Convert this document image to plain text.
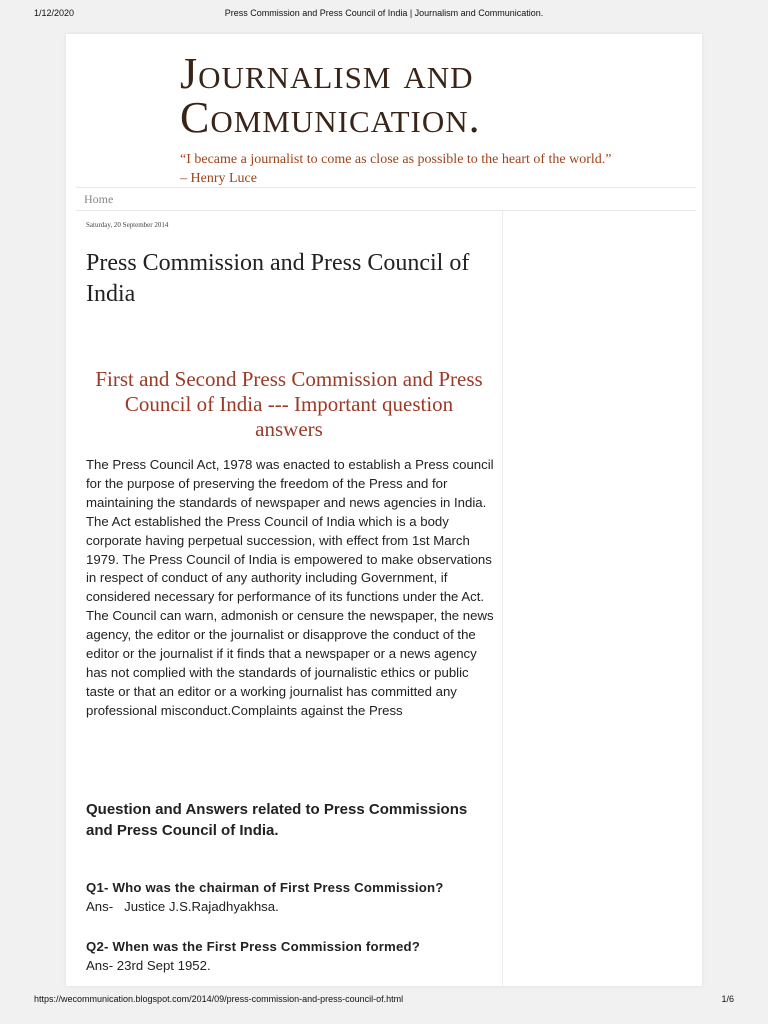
1/12/2020	Press Commission and Press Council of India | Journalism and Communication.
Journalism and
Communication.
“I became a journalist to come as close as possible to the heart of the world.”
– Henry Luce
Home
Saturday, 20 September 2014
Press Commission and Press Council of India
First and Second Press Commission and Press Council of India --- Important question answers

The Press Council Act, 1978 was enacted to establish a Press council for the purpose of preserving the freedom of the Press and for maintaining the standards of newspaper and news agencies in India. The Act established the Press Council of India which is a body corporate having perpetual succession, with effect from 1st March 1979. The Press Council of India is empowered to make observations in respect of conduct of any authority including Government, if considered necessary for performance of its functions under the Act. The Council can warn, admonish or censure the newspaper, the news agency, the editor or the journalist or disapprove the conduct of the editor or the journalist if it finds that a newspaper or a news agency has not complied with the standards of journalistic ethics or public taste or that an editor or a working journalist has committed any professional misconduct.Complaints against the Press

Question and Answers related to Press Commissions and Press Council of India.
Q1- Who was the chairman of First Press Commission?
Ans-   Justice J.S.Rajadhyakhsa.
Q2- When was the First Press Commission formed?
Ans- 23rd Sept 1952.
https://wecommunication.blogspot.com/2014/09/press-commission-and-press-council-of.html	1/6
